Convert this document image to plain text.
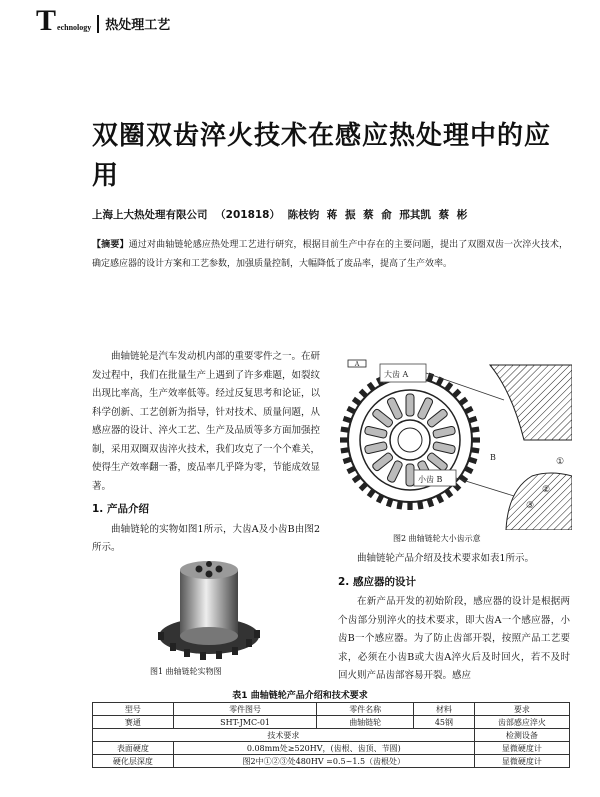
T echnology 热处理工艺
双圈双齿淬火技术在感应热处理中的应用
上海上大热处理有限公司 （201818） 陈枝钧 蒋 振 蔡 俞 邢其凯 蔡 彬
【摘要】通过对曲轴链轮感应热处理工艺进行研究，根据目前生产中存在的主要问题，提出了双圈双齿一次淬火技术，确定感应器的设计方案和工艺参数，加强质量控制，大幅降低了废品率，提高了生产效率。

曲轴链轮是汽车发动机内部的重要零件之一。在研发过程中，我们在批量生产上遇到了许多难题，如裂纹出现比率高，生产效率低等。经过反复思考和论证，以科学创新、工艺创新为指导，针对技术、质量问题，从感应器的设计、淬火工艺、生产及品质等多方面加强控制，采用双圈双齿淬火技术，我们攻克了一个个难关，使得生产效率翻一番，废品率几乎降为零，节能成效显著。

1. 产品介绍

曲轴链轮的实物如图1所示，大齿A及小齿B由图2所示。

图1 曲轴链轮实物图
A
大齿 A
小齿 B
B	①
②
③
图2 曲轴链轮大小齿示意

曲轴链轮产品介绍及技术要求如表1所示。

2. 感应器的设计

在新产品开发的初始阶段，感应器的设计是根据两个齿部分别淬火的技术要求，即大齿A一个感应器，小齿B一个感应器。为了防止齿部开裂，按照产品工艺要求，必须在小齿B或大齿A淬火后及时回火，若不及时回火则产品齿部容易开裂。感应

表1 曲轴链轮产品介绍和技术要求
型号	零件图号	零件名称	材料	要求
赛通	SHT-JMC-01	曲轴链轮	45钢	齿部感应淬火
技术要求				检测设备
表面硬度	0.08mm处≥520HV，(齿根、齿顶、节圆)			显微硬度计
硬化层深度	图2中①②③处480HV =0.5~1.5（齿根处）			显微硬度计
